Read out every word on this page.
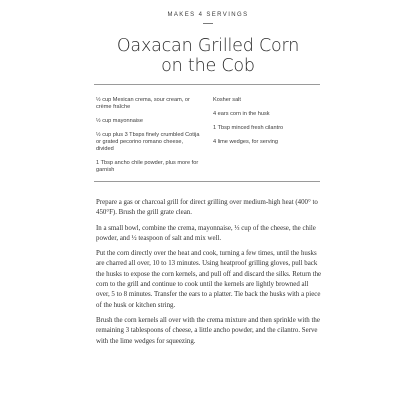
MAKES 4 SERVINGS
Oaxacan Grilled Corn
on the Cob

½ cup Mexican crema, sour cream, or crème fraîche

½ cup mayonnaise

½ cup plus 3 Tbsps finely crumbled Cotija or grated pecorino romano cheese, divided

1 Tbsp ancho chile powder, plus more for garnish

Kosher salt

4 ears corn in the husk

1 Tbsp minced fresh cilantro

4 lime wedges, for serving

Prepare a gas or charcoal grill for direct grilling over medium-high heat (400° to 450°F). Brush the grill grate clean.

In a small bowl, combine the crema, mayonnaise, ⅓ cup of the cheese, the chile powder, and ½ teaspoon of salt and mix well.

Put the corn directly over the heat and cook, turning a few times, until the husks are charred all over, 10 to 13 minutes. Using heatproof grilling gloves, pull back the husks to expose the corn kernels, and pull off and discard the silks. Return the corn to the grill and continue to cook until the kernels are lightly browned all over, 5 to 8 minutes. Transfer the ears to a platter. Tie back the husks with a piece of the husk or kitchen string.

Brush the corn kernels all over with the crema mixture and then sprinkle with the remaining 3 tablespoons of cheese, a little ancho powder, and the cilantro. Serve with the lime wedges for squeezing.
